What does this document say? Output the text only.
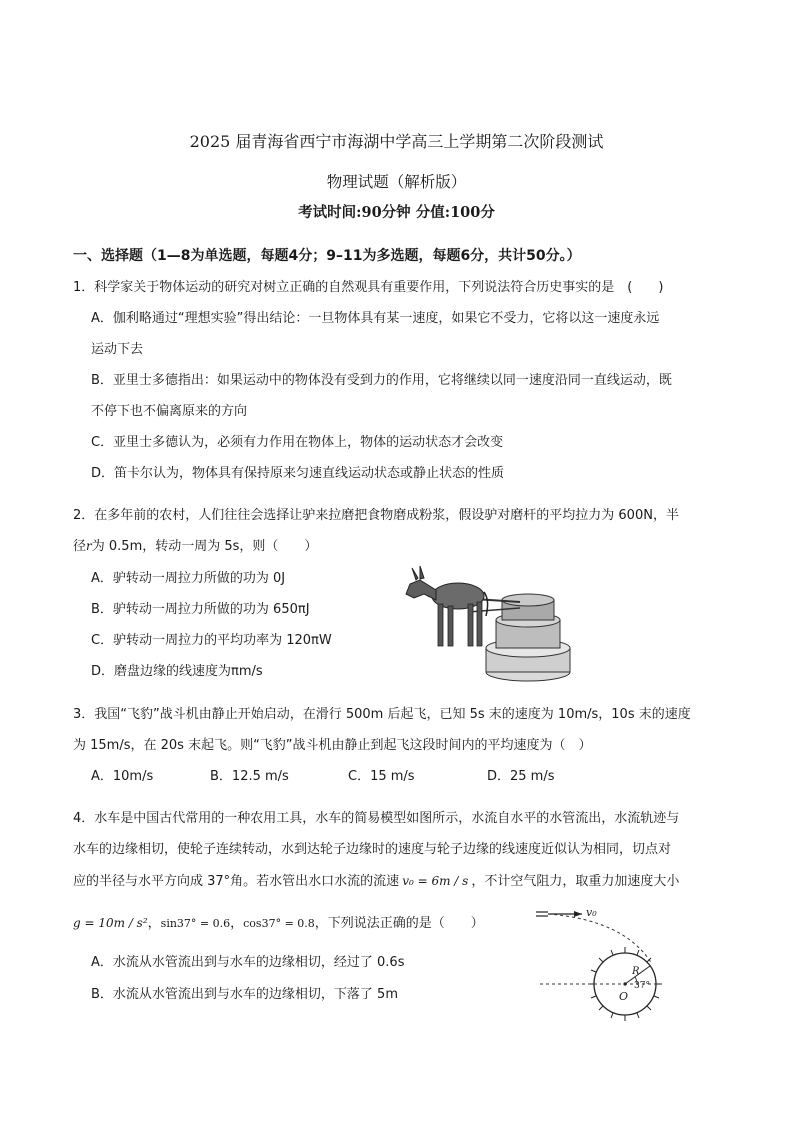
2025 届青海省西宁市海湖中学高三上学期第二次阶段测试
物理试题（解析版）
考试时间:90分钟 分值:100分
一、选择题（1—8为单选题，每题4分；9–11为多选题，每题6分，共计50分。）
1．科学家关于物体运动的研究对树立正确的自然观具有重要作用，下列说法符合历史事实的是　(　　)
A．伽利略通过“理想实验”得出结论：一旦物体具有某一速度，如果它不受力，它将以这一速度永远
运动下去
B．亚里士多德指出：如果运动中的物体没有受到力的作用，它将继续以同一速度沿同一直线运动，既
不停下也不偏离原来的方向
C．亚里士多德认为，必须有力作用在物体上，物体的运动状态才会改变
D．笛卡尔认为，物体具有保持原来匀速直线运动状态或静止状态的性质
2．在多年前的农村，人们往往会选择让驴来拉磨把食物磨成粉浆，假设驴对磨杆的平均拉力为 600N，半
径r为 0.5m，转动一周为 5s，则（　　）
A．驴转动一周拉力所做的功为 0J
B．驴转动一周拉力所做的功为 650πJ
C．驴转动一周拉力的平均功率为 120πW
D．磨盘边缘的线速度为πm/s
3．我国“飞豹”战斗机由静止开始启动，在滑行 500m 后起飞，已知 5s 末的速度为 10m/s，10s 末的速度
为 15m/s，在 20s 末起飞。则“飞豹”战斗机由静止到起飞这段时间内的平均速度为（　）
A．10m/s	B．12.5 m/s	C．15 m/s	D．25 m/s
4．水车是中国古代常用的一种农用工具，水车的简易模型如图所示，水流自水平的水管流出，水流轨迹与
水车的边缘相切，使轮子连续转动，水到达轮子边缘时的速度与轮子边缘的线速度近似认为相同，切点对
应的半径与水平方向成 37°角。若水管出水口水流的流速 v₀ = 6m / s ，不计空气阻力，取重力加速度大小
g = 10m / s²，sin37° = 0.6，cos37° = 0.8，下列说法正确的是（　　）
A．水流从水管流出到与水车的边缘相切，经过了 0.6s
B．水流从水管流出到与水车的边缘相切，下落了 5m
v₀
R
37°
O
